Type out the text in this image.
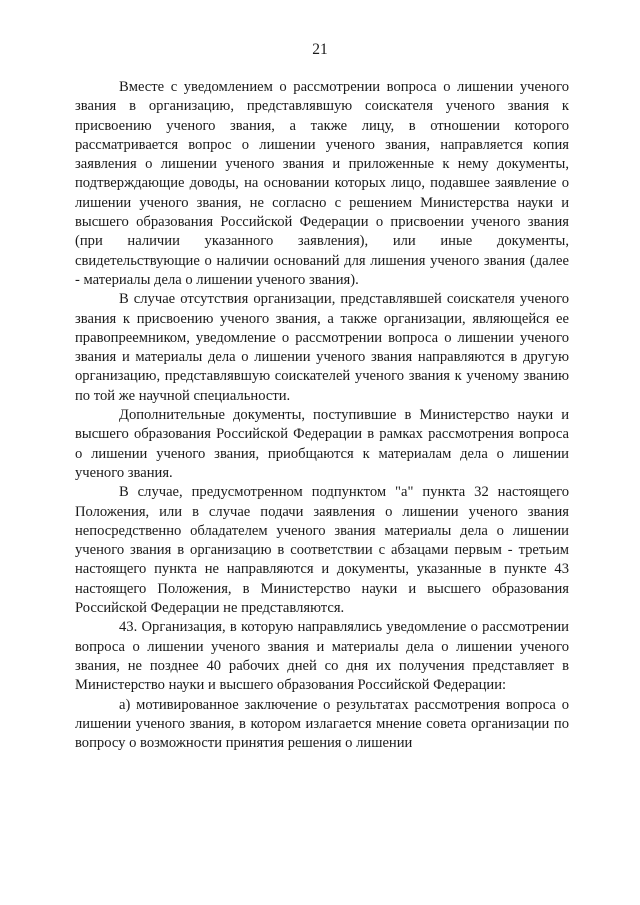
21

Вместе с уведомлением о рассмотрении вопроса о лишении ученого звания в организацию, представлявшую соискателя ученого звания к присвоению ученого звания, а также лицу, в отношении которого рассматривается вопрос о лишении ученого звания, направляется копия заявления о лишении ученого звания и приложенные к нему документы, подтверждающие доводы, на основании которых лицо, подавшее заявление о лишении ученого звания, не согласно с решением Министерства науки и высшего образования Российской Федерации о присвоении ученого звания (при наличии указанного заявления), или иные документы, свидетельствующие о наличии оснований для лишения ученого звания (далее - материалы дела о лишении ученого звания).

В случае отсутствия организации, представлявшей соискателя ученого звания к присвоению ученого звания, а также организации, являющейся ее правопреемником, уведомление о рассмотрении вопроса о лишении ученого звания и материалы дела о лишении ученого звания направляются в другую организацию, представлявшую соискателей ученого звания к ученому званию по той же научной специальности.

Дополнительные документы, поступившие в Министерство науки и высшего образования Российской Федерации в рамках рассмотрения вопроса о лишении ученого звания, приобщаются к материалам дела о лишении ученого звания.

В случае, предусмотренном подпунктом "а" пункта 32 настоящего Положения, или в случае подачи заявления о лишении ученого звания непосредственно обладателем ученого звания материалы дела о лишении ученого звания в организацию в соответствии с абзацами первым - третьим настоящего пункта не направляются и документы, указанные в пункте 43 настоящего Положения, в Министерство науки и высшего образования Российской Федерации не представляются.

43. Организация, в которую направлялись уведомление о рассмотрении вопроса о лишении ученого звания и материалы дела о лишении ученого звания, не позднее 40 рабочих дней со дня их получения представляет в Министерство науки и высшего образования Российской Федерации:

а) мотивированное заключение о результатах рассмотрения вопроса о лишении ученого звания, в котором излагается мнение совета организации по вопросу о возможности принятия решения о лишении
